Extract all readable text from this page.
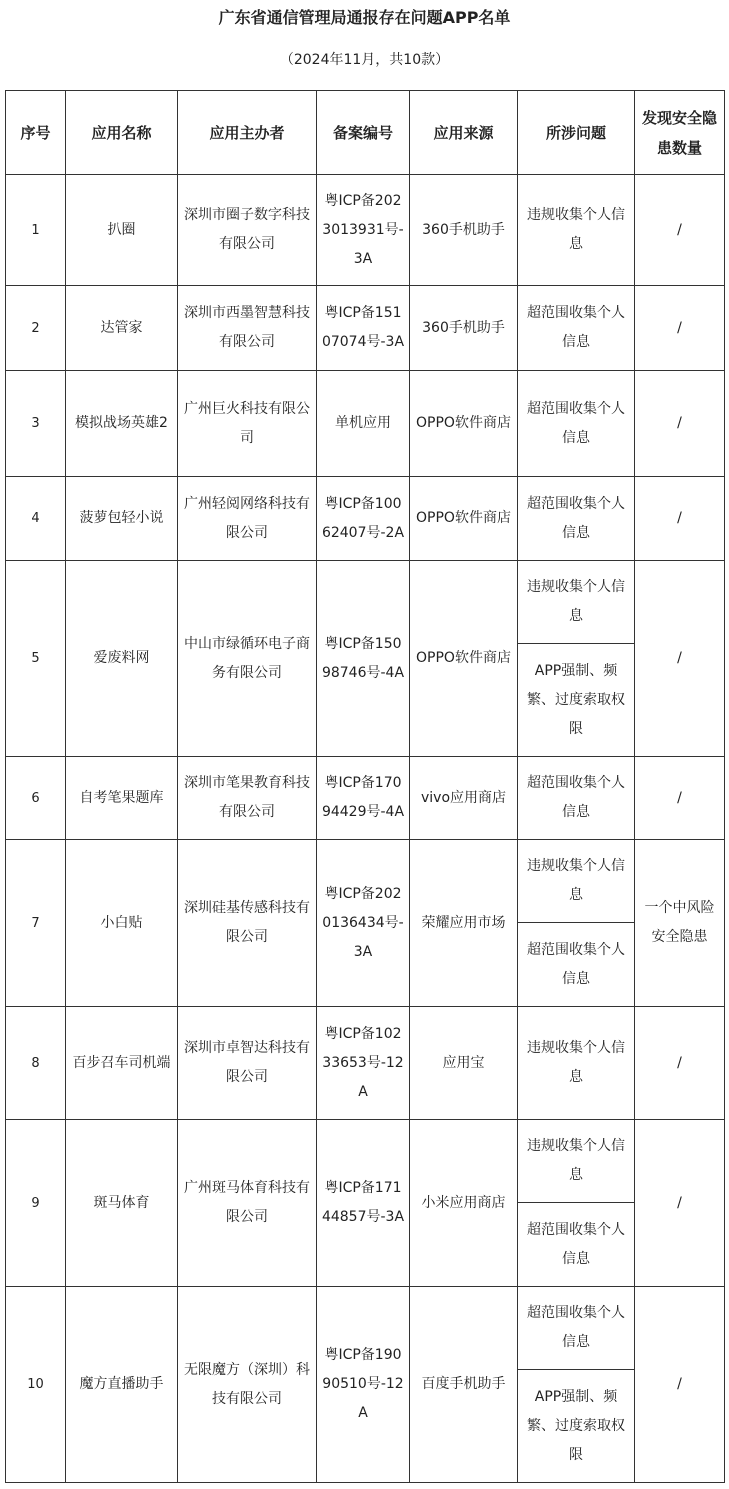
广东省通信管理局通报存在问题APP名单
（2024年11月，共10款）
序号	应用名称	应用主办者	备案编号	应用来源	所涉问题	发现安全隐患数量
1	扒圈	深圳市圈子数字科技有限公司	粤ICP备2023013931号-3A	360手机助手	违规收集个人信息	/
2	达管家	深圳市西墨智慧科技有限公司	粤ICP备15107074号-3A	360手机助手	超范围收集个人信息	/
3	模拟战场英雄2	广州巨火科技有限公司	单机应用	OPPO软件商店	超范围收集个人信息	/
4	菠萝包轻小说	广州轻阅网络科技有限公司	粤ICP备10062407号-2A	OPPO软件商店	超范围收集个人信息	/
5	爱废料网	中山市绿循环电子商务有限公司	粤ICP备15098746号-4A	OPPO软件商店	违规收集个人信息	/
					APP强制、频繁、过度索取权限	
6	自考笔果题库	深圳市笔果教育科技有限公司	粤ICP备17094429号-4A	vivo应用商店	超范围收集个人信息	/
7	小白贴	深圳硅基传感科技有限公司	粤ICP备2020136434号-3A	荣耀应用市场	违规收集个人信息	一个中风险安全隐患
					超范围收集个人信息	
8	百步召车司机端	深圳市卓智达科技有限公司	粤ICP备10233653号-12A	应用宝	违规收集个人信息	/
9	斑马体育	广州斑马体育科技有限公司	粤ICP备17144857号-3A	小米应用商店	违规收集个人信息	/
					超范围收集个人信息	
10	魔方直播助手	无限魔方（深圳）科技有限公司	粤ICP备19090510号-12A	百度手机助手	超范围收集个人信息	/
					APP强制、频繁、过度索取权限	
